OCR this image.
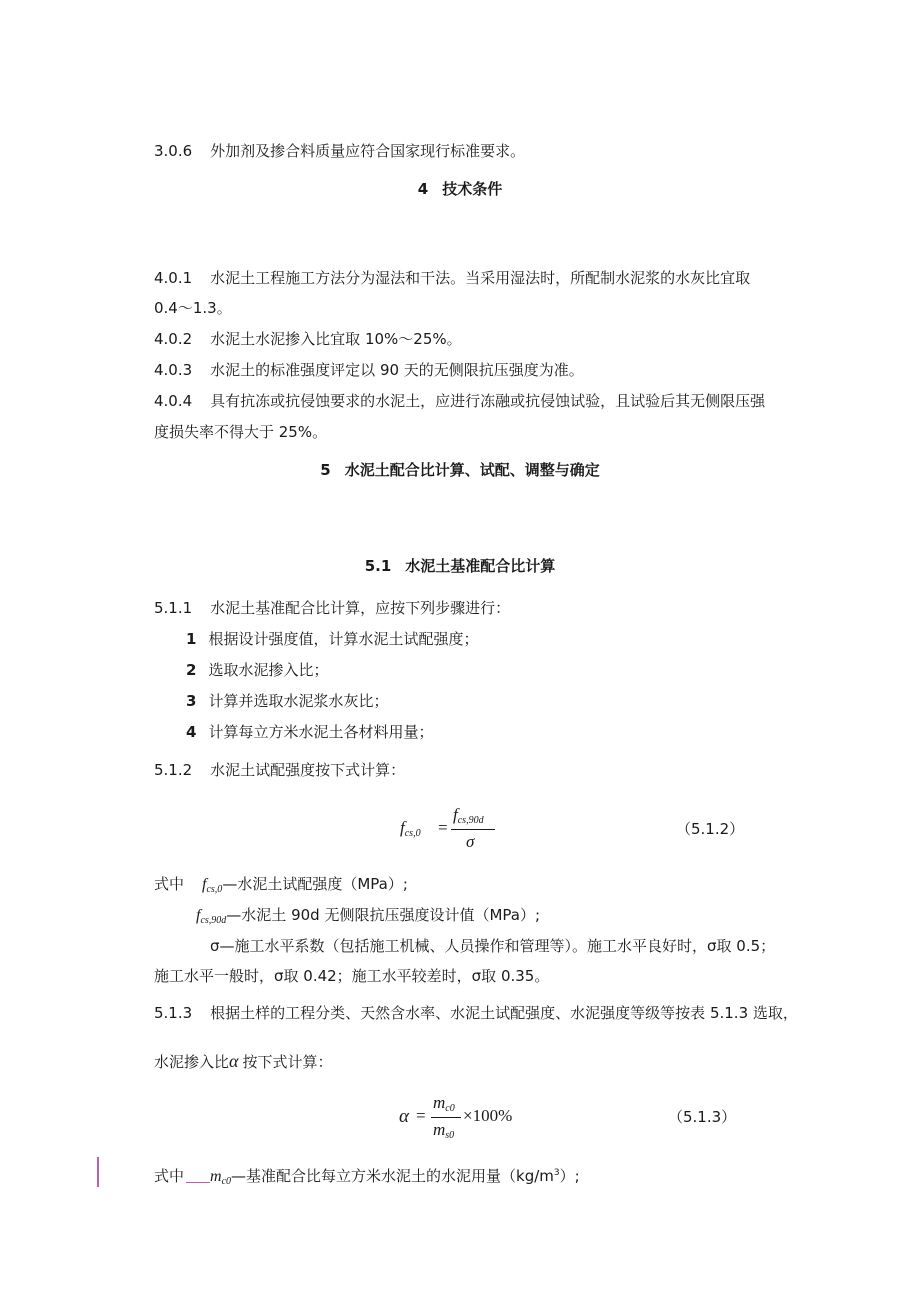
3.0.6 外加剂及掺合料质量应符合国家现行标准要求。
4 技术条件
4.0.1 水泥土工程施工方法分为湿法和干法。当采用湿法时，所配制水泥浆的水灰比宜取
0.4～1.3。
4.0.2 水泥土水泥掺入比宜取 10%～25%。
4.0.3 水泥土的标准强度评定以 90 天的无侧限抗压强度为准。
4.0.4 具有抗冻或抗侵蚀要求的水泥土，应进行冻融或抗侵蚀试验，且试验后其无侧限压强
度损失率不得大于 25%。
5 水泥土配合比计算、试配、调整与确定
5.1 水泥土基准配合比计算
5.1.1 水泥土基准配合比计算，应按下列步骤进行：
1 根据设计强度值，计算水泥土试配强度；
2 选取水泥掺入比；
3 计算并选取水泥浆水灰比；
4 计算每立方米水泥土各材料用量；
5.1.2 水泥土试配强度按下式计算：
$f_{cs,0}$ =
$f_{cs,90d}$
σ
（5.1.2）
式中 $f_{cs,0}—$水泥土试配强度（MPa）;
$f_{cs,90d}—$水泥土 90d 无侧限抗压强度设计值（MPa）;
σ—施工水平系数（包括施工机械、人员操作和管理等）。施工水平良好时，σ取 0.5；
施工水平一般时，σ取 0.42；施工水平较差时，σ取 0.35。
5.1.3 根据土样的工程分类、天然含水率、水泥土试配强度、水泥强度等级等按表 5.1.3 选取，
水泥掺入比α 按下式计算：
α =
$m_{c0}$
$m_{s0}$
×100%	（5.1.3）
式中 $m_{c0}—$基准配合比每立方米水泥土的水泥用量$(kg/m^3)$;
